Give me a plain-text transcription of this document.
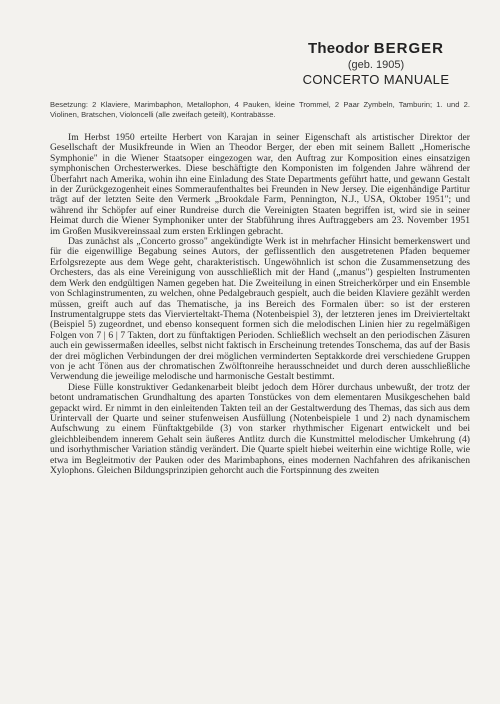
Theodor BERGER
(geb. 1905)
CONCERTO MANUALE
Besetzung: 2 Klaviere, Marimbaphon, Metallophon, 4 Pauken, kleine Trommel, 2 Paar Zymbeln, Tamburin; 1. und 2. Violinen, Bratschen, Violoncelli (alle zweifach geteilt), Kontrabässe.

Im Herbst 1950 erteilte Herbert von Karajan in seiner Eigenschaft als artistischer Direktor der Gesellschaft der Musikfreunde in Wien an Theodor Berger, der eben mit seinem Ballett „Homerische Symphonie" in die Wiener Staatsoper eingezogen war, den Auftrag zur Komposition eines einsatzigen symphonischen Orchesterwerkes. Diese beschäftigte den Komponisten im folgenden Jahre während der Überfahrt nach Amerika, wohin ihn eine Einladung des State Departments geführt hatte, und gewann Gestalt in der Zurückgezogenheit eines Sommeraufenthaltes bei Freunden in New Jersey. Die eigenhändige Partitur trägt auf der letzten Seite den Vermerk „Brookdale Farm, Pennington, N.J., USA, Oktober 1951"; und während ihr Schöpfer auf einer Rundreise durch die Vereinigten Staaten begriffen ist, wird sie in seiner Heimat durch die Wiener Symphoniker unter der Stabführung ihres Auftraggebers am 23. November 1951 im Großen Musikvereinssaal zum ersten Erklingen gebracht.

Das zunächst als „Concerto grosso" angekündigte Werk ist in mehrfacher Hinsicht bemerkenswert und für die eigenwillige Begabung seines Autors, der geflissentlich den ausgetretenen Pfaden bequemer Erfolgsrezepte aus dem Wege geht, charakteristisch. Ungewöhnlich ist schon die Zusammensetzung des Orchesters, das als eine Vereinigung von ausschließlich mit der Hand („manus") gespielten Instrumenten dem Werk den endgültigen Namen gegeben hat. Die Zweiteilung in einen Streicherkörper und ein Ensemble von Schlaginstrumenten, zu welchen, ohne Pedalgebrauch gespielt, auch die beiden Klaviere gezählt werden müssen, greift auch auf das Thematische, ja ins Bereich des Formalen über: so ist der ersteren Instrumentalgruppe stets das Viervierteltakt-Thema (Notenbeispiel 3), der letzteren jenes im Dreivierteltakt (Beispiel 5) zugeordnet, und ebenso konsequent formen sich die melodischen Linien hier zu regelmäßigen Folgen von 7 | 6 | 7 Takten, dort zu fünftaktigen Perioden. Schließlich wechselt an den periodischen Zäsuren auch ein gewissermaßen ideelles, selbst nicht faktisch in Erscheinung tretendes Tonschema, das auf der Basis der drei möglichen Verbindungen der drei möglichen verminderten Septakkorde drei verschiedene Gruppen von je acht Tönen aus der chromatischen Zwölftonreihe herausschneidet und durch deren ausschließliche Verwendung die jeweilige melodische und harmonische Gestalt bestimmt.

Diese Fülle konstruktiver Gedankenarbeit bleibt jedoch dem Hörer durchaus unbewußt, der trotz der betont undramatischen Grundhaltung des aparten Tonstückes von dem elementaren Musikgeschehen bald gepackt wird. Er nimmt in den einleitenden Takten teil an der Gestaltwerdung des Themas, das sich aus dem Urintervall der Quarte und seiner stufenweisen Ausfüllung (Notenbeispiele 1 und 2) nach dynamischem Aufschwung zu einem Fünftaktgebilde (3) von starker rhythmischer Eigenart entwickelt und bei gleichbleibendem innerem Gehalt sein äußeres Antlitz durch die Kunstmittel melodischer Umkehrung (4) und isorhythmischer Variation ständig verändert. Die Quarte spielt hiebei weiterhin eine wichtige Rolle, wie etwa im Begleitmotiv der Pauken oder des Marimbaphons, eines modernen Nachfahren des afrikanischen Xylophons. Gleichen Bildungsprinzipien gehorcht auch die Fortspinnung des zweiten
